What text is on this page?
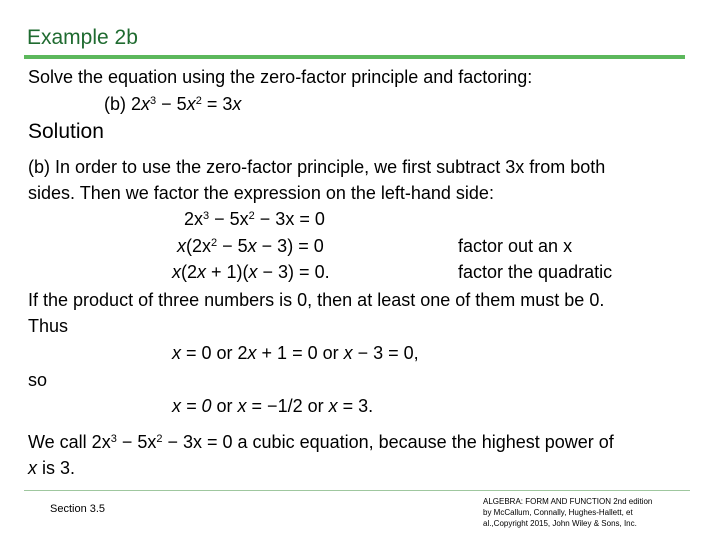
Example 2b
Solve the equation using the zero-factor principle and factoring:
(b) $2x^3 - 5x^2 = 3x$
Solution
(b) In order to use the zero-factor principle, we first subtract 3x from both
sides. Then we factor the expression on the left-hand side:
$2x^3 - 5x^2 - 3x = 0$
$x(2x^2 - 5x - 3) = 0$	factor out an x
x(2x + 1)(x − 3) = 0.	factor the quadratic
If the product of three numbers is 0, then at least one of them must be 0.
Thus
x = 0 or 2x + 1 = 0 or x − 3 = 0,
so
x = 0 or x = −1/2 or x = 3.
We call $2x^3 - 5x^2 - 3x = 0$ a cubic equation, because the highest power of
x is 3.
Section 3.5
ALGEBRA: FORM AND FUNCTION 2nd edition
by McCallum, Connally, Hughes-Hallett, et
al.,Copyright 2015, John Wiley & Sons, Inc.
